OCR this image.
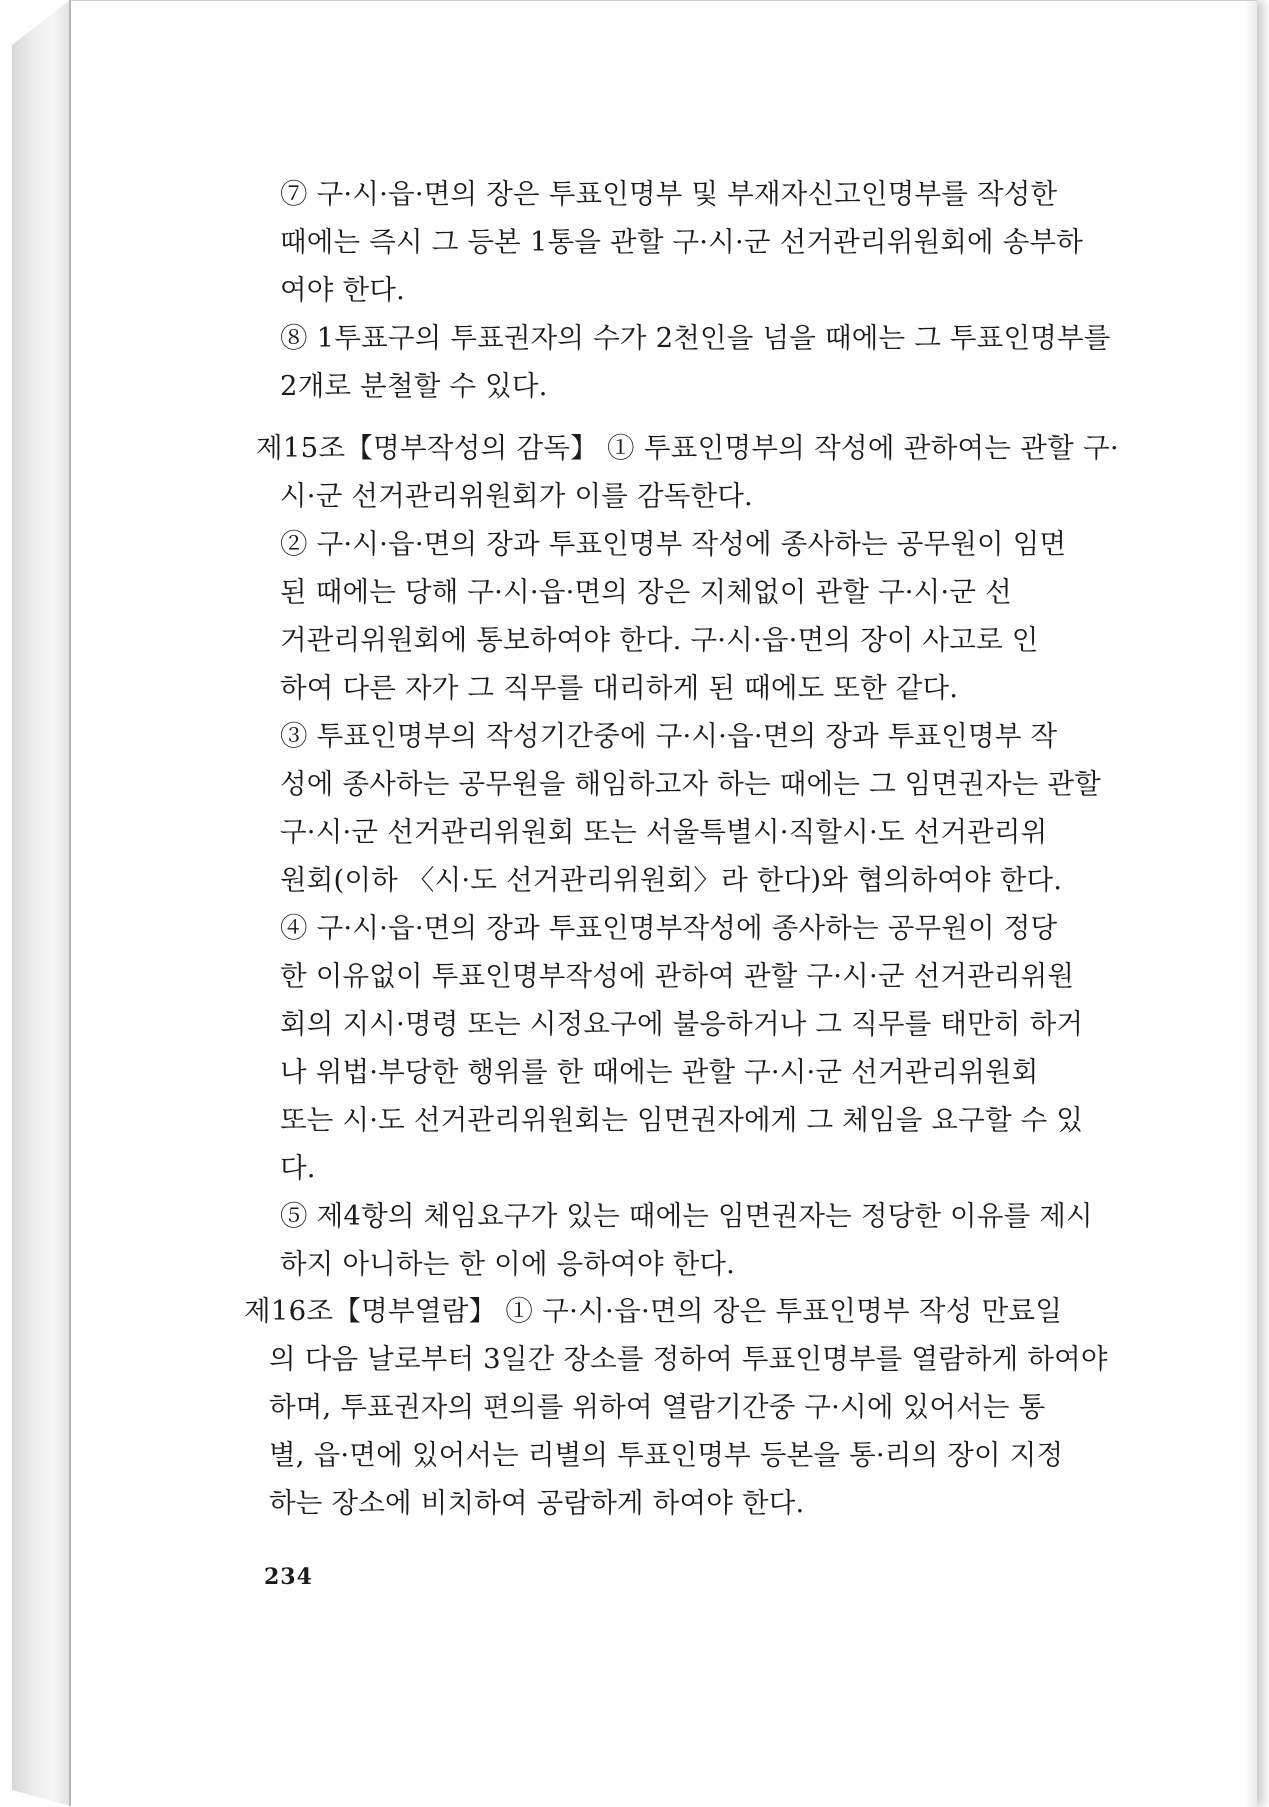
⑦ 구·시·읍·면의 장은 투표인명부 및 부재자신고인명부를 작성한
때에는 즉시 그 등본 1통을 관할 구·시·군 선거관리위원회에 송부하
여야 한다.
⑧ 1투표구의 투표권자의 수가 2천인을 넘을 때에는 그 투표인명부를
2개로 분철할 수 있다.
제15조【명부작성의 감독】 ① 투표인명부의 작성에 관하여는 관할 구·
시·군 선거관리위원회가 이를 감독한다.
② 구·시·읍·면의 장과 투표인명부 작성에 종사하는 공무원이 임면
된 때에는 당해 구·시·읍·면의 장은 지체없이 관할 구·시·군 선
거관리위원회에 통보하여야 한다. 구·시·읍·면의 장이 사고로 인
하여 다른 자가 그 직무를 대리하게 된 때에도 또한 같다.
③ 투표인명부의 작성기간중에 구·시·읍·면의 장과 투표인명부 작
성에 종사하는 공무원을 해임하고자 하는 때에는 그 임면권자는 관할
구·시·군 선거관리위원회 또는 서울특별시·직할시·도 선거관리위
원회(이하 〈시·도 선거관리위원회〉라 한다)와 협의하여야 한다.
④ 구·시·읍·면의 장과 투표인명부작성에 종사하는 공무원이 정당
한 이유없이 투표인명부작성에 관하여 관할 구·시·군 선거관리위원
회의 지시·명령 또는 시정요구에 불응하거나 그 직무를 태만히 하거
나 위법·부당한 행위를 한 때에는 관할 구·시·군 선거관리위원회
또는 시·도 선거관리위원회는 임면권자에게 그 체임을 요구할 수 있
다.
⑤ 제4항의 체임요구가 있는 때에는 임면권자는 정당한 이유를 제시
하지 아니하는 한 이에 응하여야 한다.
제16조【명부열람】 ① 구·시·읍·면의 장은 투표인명부 작성 만료일
의 다음 날로부터 3일간 장소를 정하여 투표인명부를 열람하게 하여야
하며, 투표권자의 편의를 위하여 열람기간중 구·시에 있어서는 통
별, 읍·면에 있어서는 리별의 투표인명부 등본을 통·리의 장이 지정
하는 장소에 비치하여 공람하게 하여야 한다.
234
